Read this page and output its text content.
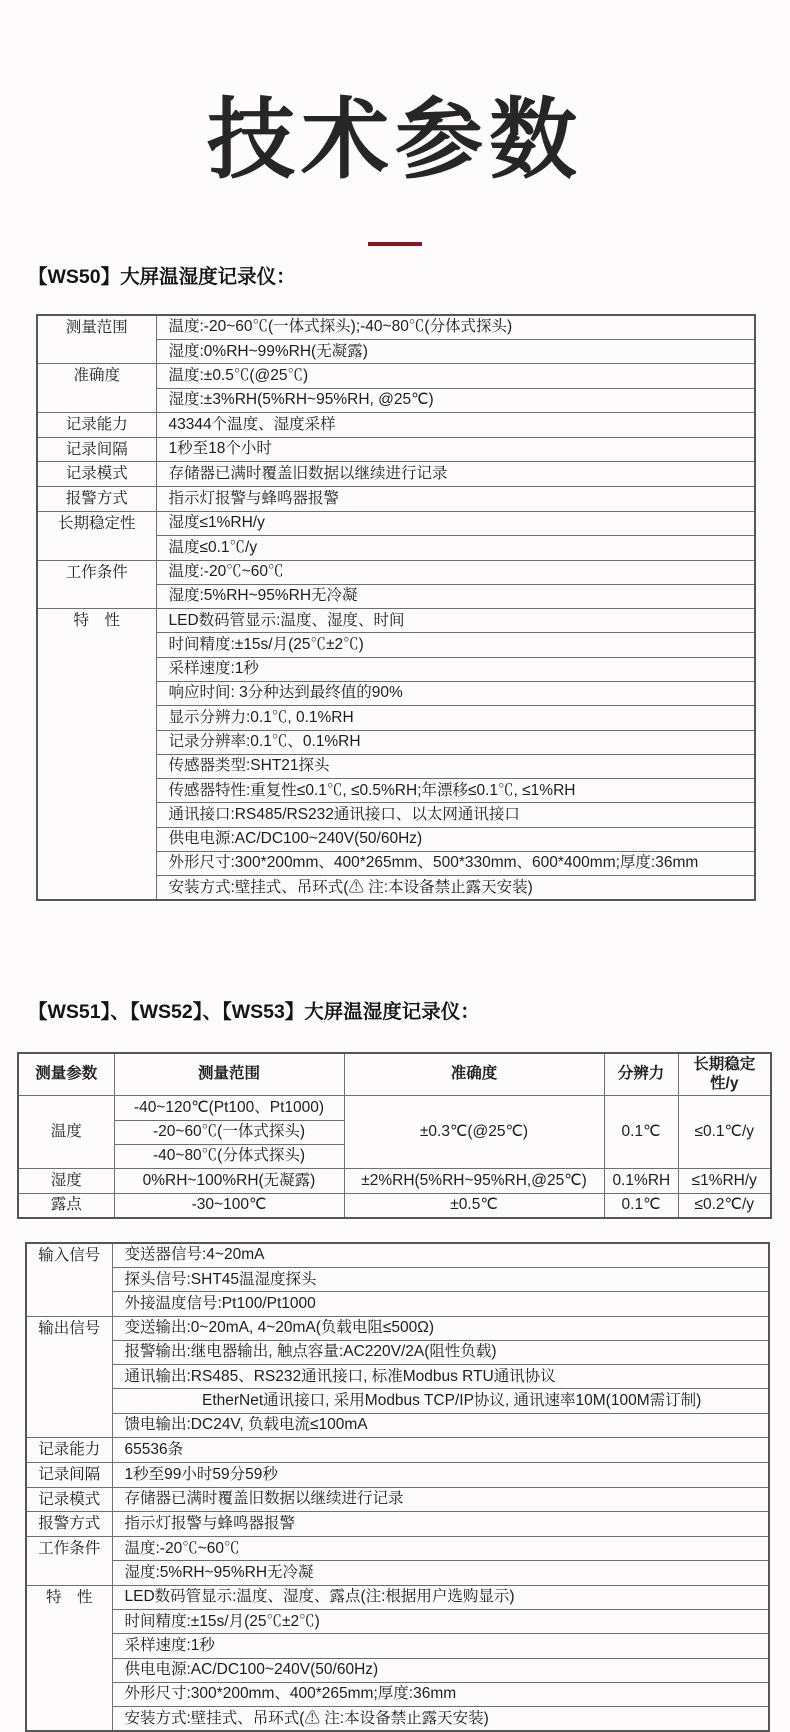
技术参数
【WS50】大屏温湿度记录仪：
测量范围	温度:-20~60℃(一体式探头);-40~80℃(分体式探头)
	湿度:0%RH~99%RH(无凝露)
准确度	温度:±0.5℃(@25℃)
	湿度:±3%RH(5%RH~95%RH, @25℃)
记录能力	43344个温度、湿度采样
记录间隔	1秒至18个小时
记录模式	存储器已满时覆盖旧数据以继续进行记录
报警方式	指示灯报警与蜂鸣器报警
长期稳定性	湿度≤1%RH/y
	温度≤0.1℃/y
工作条件	温度:-20℃~60℃
	湿度:5%RH~95%RH无冷凝
特　性	LED数码管显示:温度、湿度、时间
	时间精度:±15s/月(25℃±2℃)
	采样速度:1秒
	响应时间: 3分种达到最终值的90%
	显示分辨力:0.1℃, 0.1%RH
	记录分辨率:0.1℃、0.1%RH
	传感器类型:SHT21探头
	传感器特性:重复性≤0.1℃, ≤0.5%RH;年漂移≤0.1℃, ≤1%RH
	通讯接口:RS485/RS232通讯接口、以太网通讯接口
	供电电源:AC/DC100~240V(50/60Hz)
	外形尺寸:300*200mm、400*265mm、500*330mm、600*400mm;厚度:36mm
	安装方式:壁挂式、吊环式(⚠ 注:本设备禁止露天安装)
【WS51】、【WS52】、【WS53】大屏温湿度记录仪：
测量参数	测量范围	准确度	分辨力	长期稳定性/y
温度	-40~120℃(Pt100、Pt1000)	±0.3℃(@25℃)	0.1℃	≤0.1℃/y
	-20~60℃(一体式探头)			
	-40~80℃(分体式探头)			
湿度	0%RH~100%RH(无凝露)	±2%RH(5%RH~95%RH,@25℃)	0.1%RH	≤1%RH/y
露点	-30~100℃	±0.5℃	0.1℃	≤0.2℃/y
输入信号	变送器信号:4~20mA
	探头信号:SHT45温湿度探头
	外接温度信号:Pt100/Pt1000
输出信号	变送输出:0~20mA, 4~20mA(负载电阻≤500Ω)
	报警输出:继电器输出, 触点容量:AC220V/2A(阻性负载)
	通讯输出:RS485、RS232通讯接口, 标准Modbus RTU通讯协议
	　　　　　EtherNet通讯接口, 采用Modbus TCP/IP协议, 通讯速率10M(100M需订制)
	馈电输出:DC24V, 负载电流≤100mA
记录能力	65536条
记录间隔	1秒至99小时59分59秒
记录模式	存储器已满时覆盖旧数据以继续进行记录
报警方式	指示灯报警与蜂鸣器报警
工作条件	温度:-20℃~60℃
	湿度:5%RH~95%RH无冷凝
特　性	LED数码管显示:温度、湿度、露点(注:根据用户选购显示)
	时间精度:±15s/月(25℃±2℃)
	采样速度:1秒
	供电电源:AC/DC100~240V(50/60Hz)
	外形尺寸:300*200mm、400*265mm;厚度:36mm
	安装方式:壁挂式、吊环式(⚠ 注:本设备禁止露天安装)
